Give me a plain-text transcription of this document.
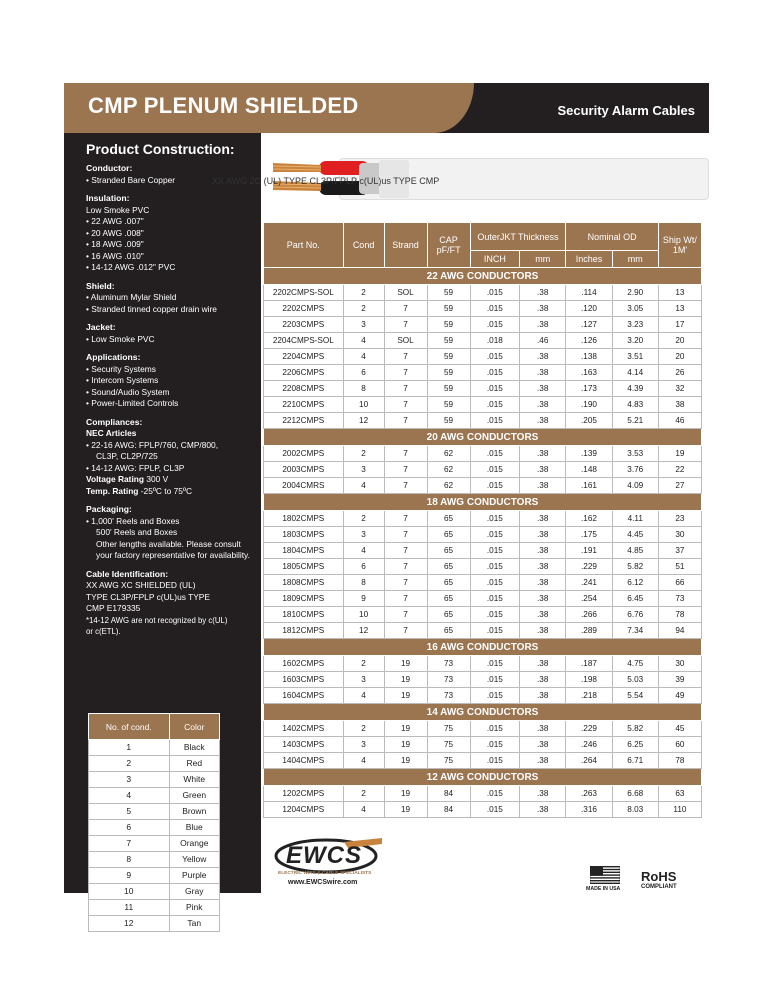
CMP PLENUM SHIELDED	Security Alarm Cables
Product Construction:
Conductor:
• Stranded Bare Copper
Insulation:
Low Smoke PVC
• 22 AWG .007"
• 20 AWG .008"
• 18 AWG .009"
• 16 AWG .010"
• 14-12 AWG .012" PVC
Shield:
• Aluminum Mylar Shield
• Stranded tinned copper drain wire
Jacket:
• Low Smoke PVC
Applications:
• Security Systems
• Intercom Systems
• Sound/Audio System
• Power-Limited Controls
Compliances:
NEC Articles
• 22-16 AWG: FPLP/760, CMP/800,
CL3P, CL2P/725
• 14-12 AWG: FPLP, CL3P
Voltage Rating 300 V
Temp. Rating -25ºC to 75ºC
Packaging:
• 1,000' Reels and Boxes
500' Reels and Boxes
Other lengths available. Please consult
your factory representative for availability.
Cable Identification:
XX AWG XC SHIELDED (UL)
TYPE CL3P/FPLP c(UL)us TYPE
CMP E179335
*14-12 AWG are not recognized by c(UL)
or c(ETL).
No. of cond.	Color
1	Black
2	Red
3	White
4	Green
5	Brown
6	Blue
7	Orange
8	Yellow
9	Purple
10	Gray
11	Pink
12	Tan
XX AWG 2C (UL) TYPE CL3P/FPLP c(UL)us TYPE CMP
Part No.	Cond	Strand	CAP pF/FT	OuterJKT Thickness		Nominal OD		Ship Wt/ 1M'
				INCH	mm	Inches	mm	
22 AWG CONDUCTORS								
2202CMPS-SOL	2	SOL	59	.015	.38	.114	2.90	13
2202CMPS	2	7	59	.015	.38	.120	3.05	13
2203CMPS	3	7	59	.015	.38	.127	3.23	17
2204CMPS-SOL	4	SOL	59	.018	.46	.126	3.20	20
2204CMPS	4	7	59	.015	.38	.138	3.51	20
2206CMPS	6	7	59	.015	.38	.163	4.14	26
2208CMPS	8	7	59	.015	.38	.173	4.39	32
2210CMPS	10	7	59	.015	.38	.190	4.83	38
2212CMPS	12	7	59	.015	.38	.205	5.21	46
20 AWG CONDUCTORS								
2002CMPS	2	7	62	.015	.38	.139	3.53	19
2003CMPS	3	7	62	.015	.38	.148	3.76	22
2004CMRS	4	7	62	.015	.38	.161	4.09	27
18 AWG CONDUCTORS								
1802CMPS	2	7	65	.015	.38	.162	4.11	23
1803CMPS	3	7	65	.015	.38	.175	4.45	30
1804CMPS	4	7	65	.015	.38	.191	4.85	37
1805CMPS	6	7	65	.015	.38	.229	5.82	51
1808CMPS	8	7	65	.015	.38	.241	6.12	66
1809CMPS	9	7	65	.015	.38	.254	6.45	73
1810CMPS	10	7	65	.015	.38	.266	6.76	78
1812CMPS	12	7	65	.015	.38	.289	7.34	94
16 AWG CONDUCTORS								
1602CMPS	2	19	73	.015	.38	.187	4.75	30
1603CMPS	3	19	73	.015	.38	.198	5.03	39
1604CMPS	4	19	73	.015	.38	.218	5.54	49
14 AWG CONDUCTORS								
1402CMPS	2	19	75	.015	.38	.229	5.82	45
1403CMPS	3	19	75	.015	.38	.246	6.25	60
1404CMPS	4	19	75	.015	.38	.264	6.71	78
12 AWG CONDUCTORS								
1202CMPS	2	19	84	.015	.38	.263	6.68	63
1204CMPS	4	19	84	.015	.38	.316	8.03	110
EWCS
ELECTRIC WIRE & CABLE SPECIALISTS
www.EWCSwire.com
MADE IN USA
RoHS
COMPLIANT
